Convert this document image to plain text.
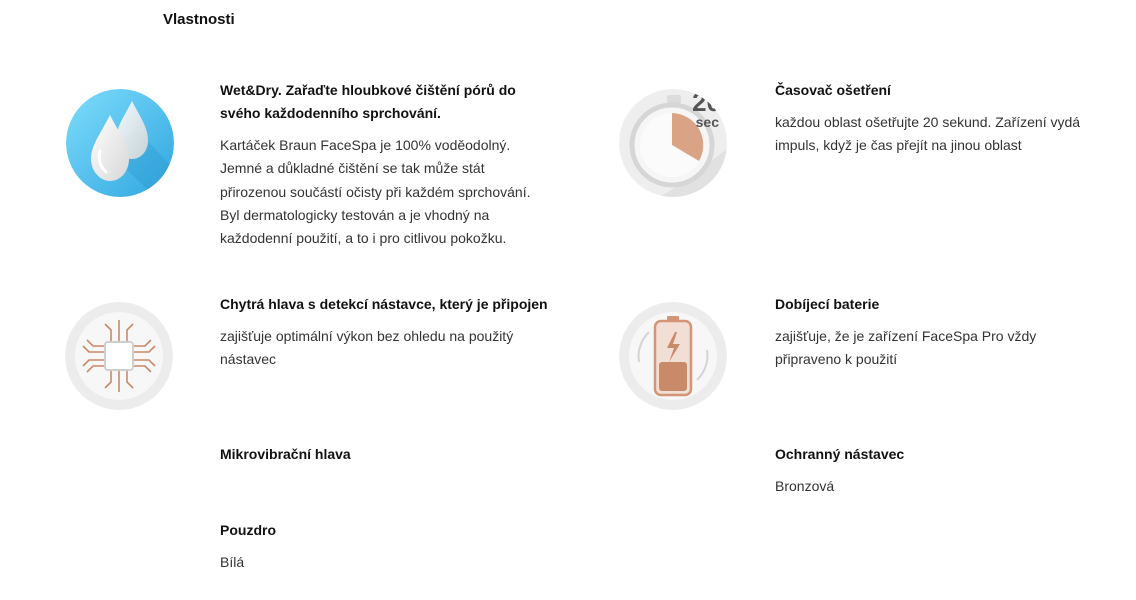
Vlastnosti
20
sec
Wet&Dry. Zařaďte hloubkové čištění pórů do svého každodenního sprchování.

Kartáček Braun FaceSpa je 100% voděodolný. Jemné a důkladné čištění se tak může stát přirozenou součástí očisty při každém sprchování. Byl dermatologicky testován a je vhodný na každodenní použití, a to i pro citlivou pokožku.

Časovač ošetření

každou oblast ošetřujte 20 sekund. Zařízení vydá impuls, když je čas přejít na jinou oblast

Chytrá hlava s detekcí nástavce, který je připojen

zajišťuje optimální výkon bez ohledu na použitý nástavec

Dobíjecí baterie

zajišťuje, že je zařízení FaceSpa Pro vždy připraveno k použití

Mikrovibrační hlava	Ochranný nástavec

Bronzová

Pouzdro

Bílá
